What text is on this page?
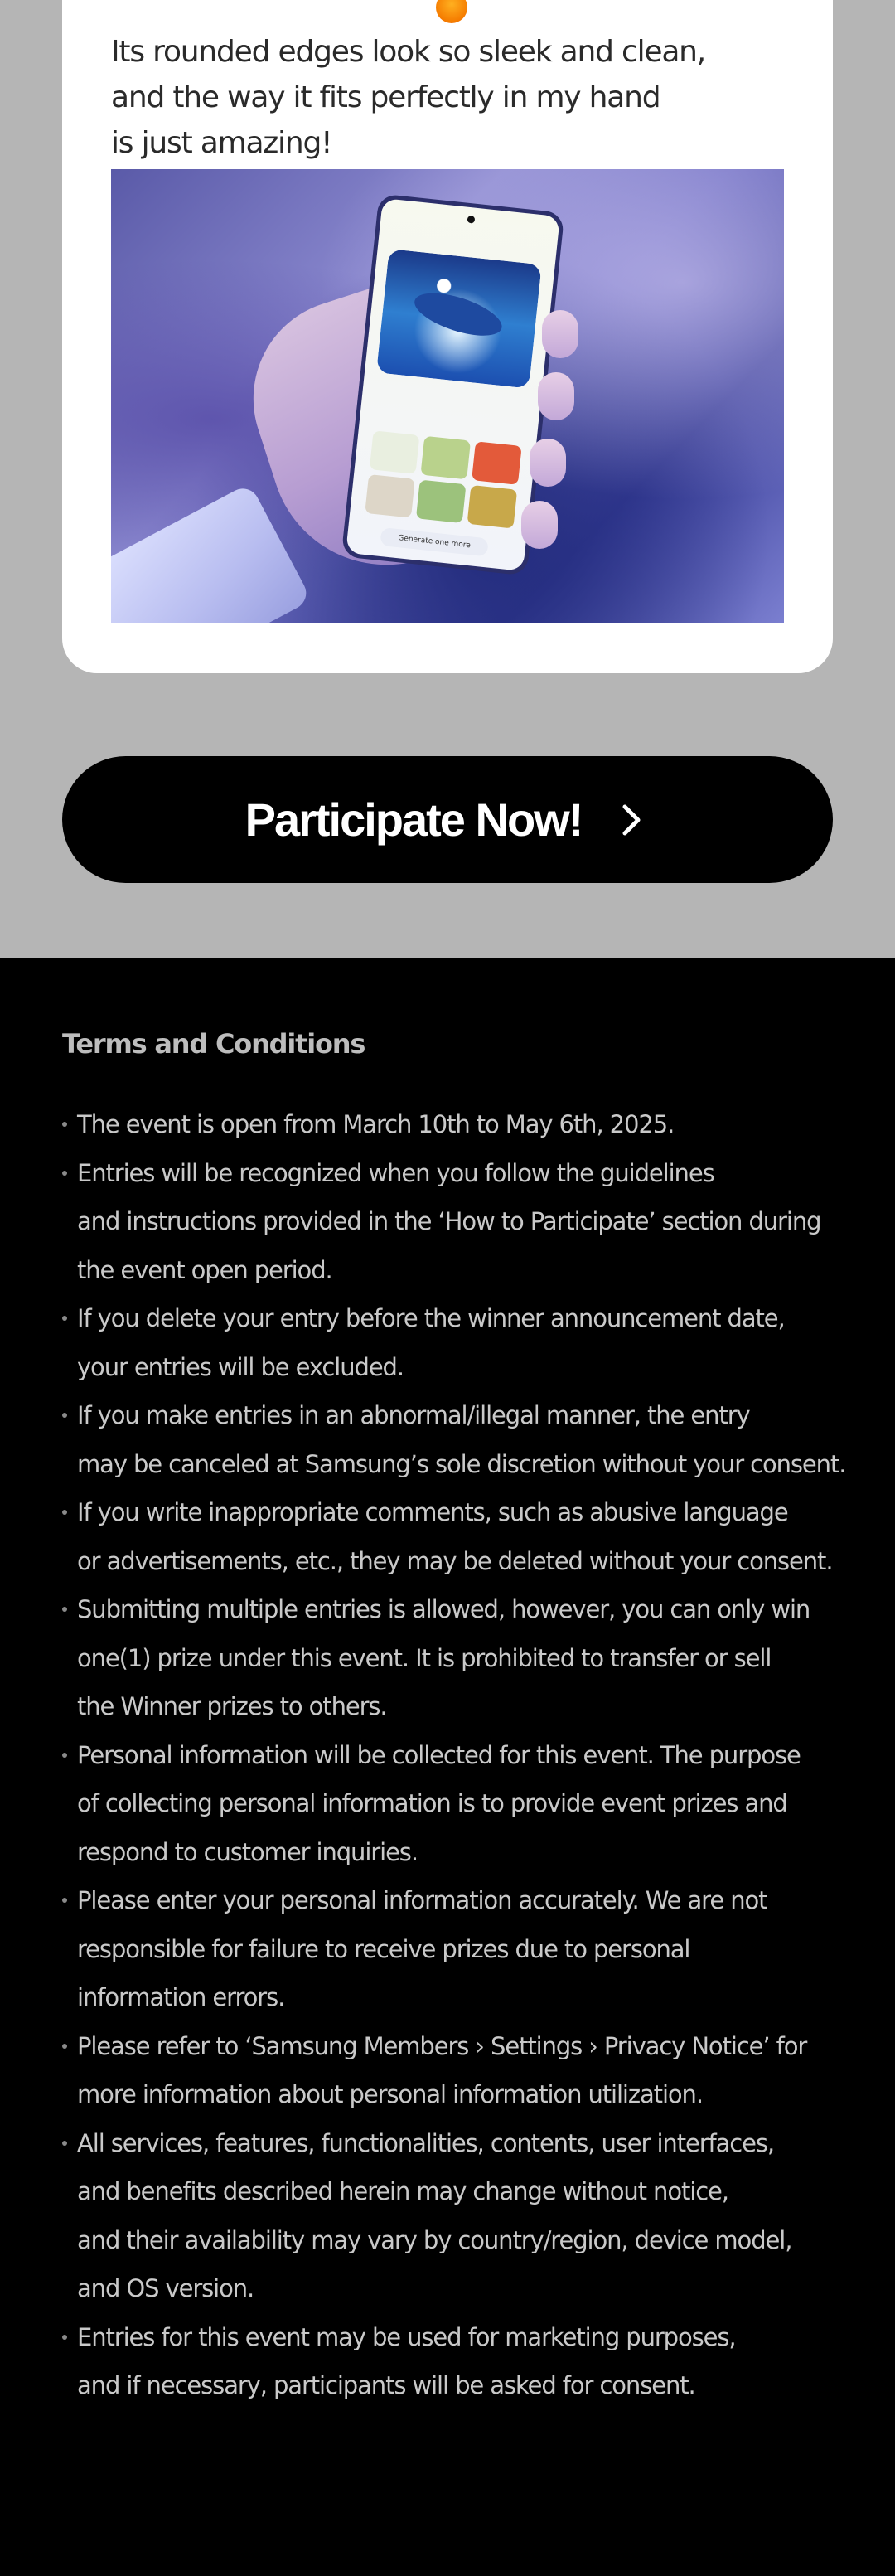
Its rounded edges look so sleek and clean,
and the way it fits perfectly in my hand
is just amazing!
Generate one more
Participate Now!
Terms and Conditions
The event is open from March 10th to May 6th, 2025.
Entries will be recognized when you follow the guidelines
and instructions provided in the ‘How to Participate’ section during
the event open period.
If you delete your entry before the winner announcement date,
your entries will be excluded.
If you make entries in an abnormal/illegal manner, the entry
may be canceled at Samsung’s sole discretion without your consent.
If you write inappropriate comments, such as abusive language
or advertisements, etc., they may be deleted without your consent.
Submitting multiple entries is allowed, however, you can only win
one(1) prize under this event. It is prohibited to transfer or sell
the Winner prizes to others.
Personal information will be collected for this event. The purpose
of collecting personal information is to provide event prizes and
respond to customer inquiries.
Please enter your personal information accurately. We are not
responsible for failure to receive prizes due to personal
information errors.
Please refer to ‘Samsung Members › Settings › Privacy Notice’ for
more information about personal information utilization.
All services, features, functionalities, contents, user interfaces,
and benefits described herein may change without notice,
and their availability may vary by country/region, device model,
and OS version.
Entries for this event may be used for marketing purposes,
and if necessary, participants will be asked for consent.
